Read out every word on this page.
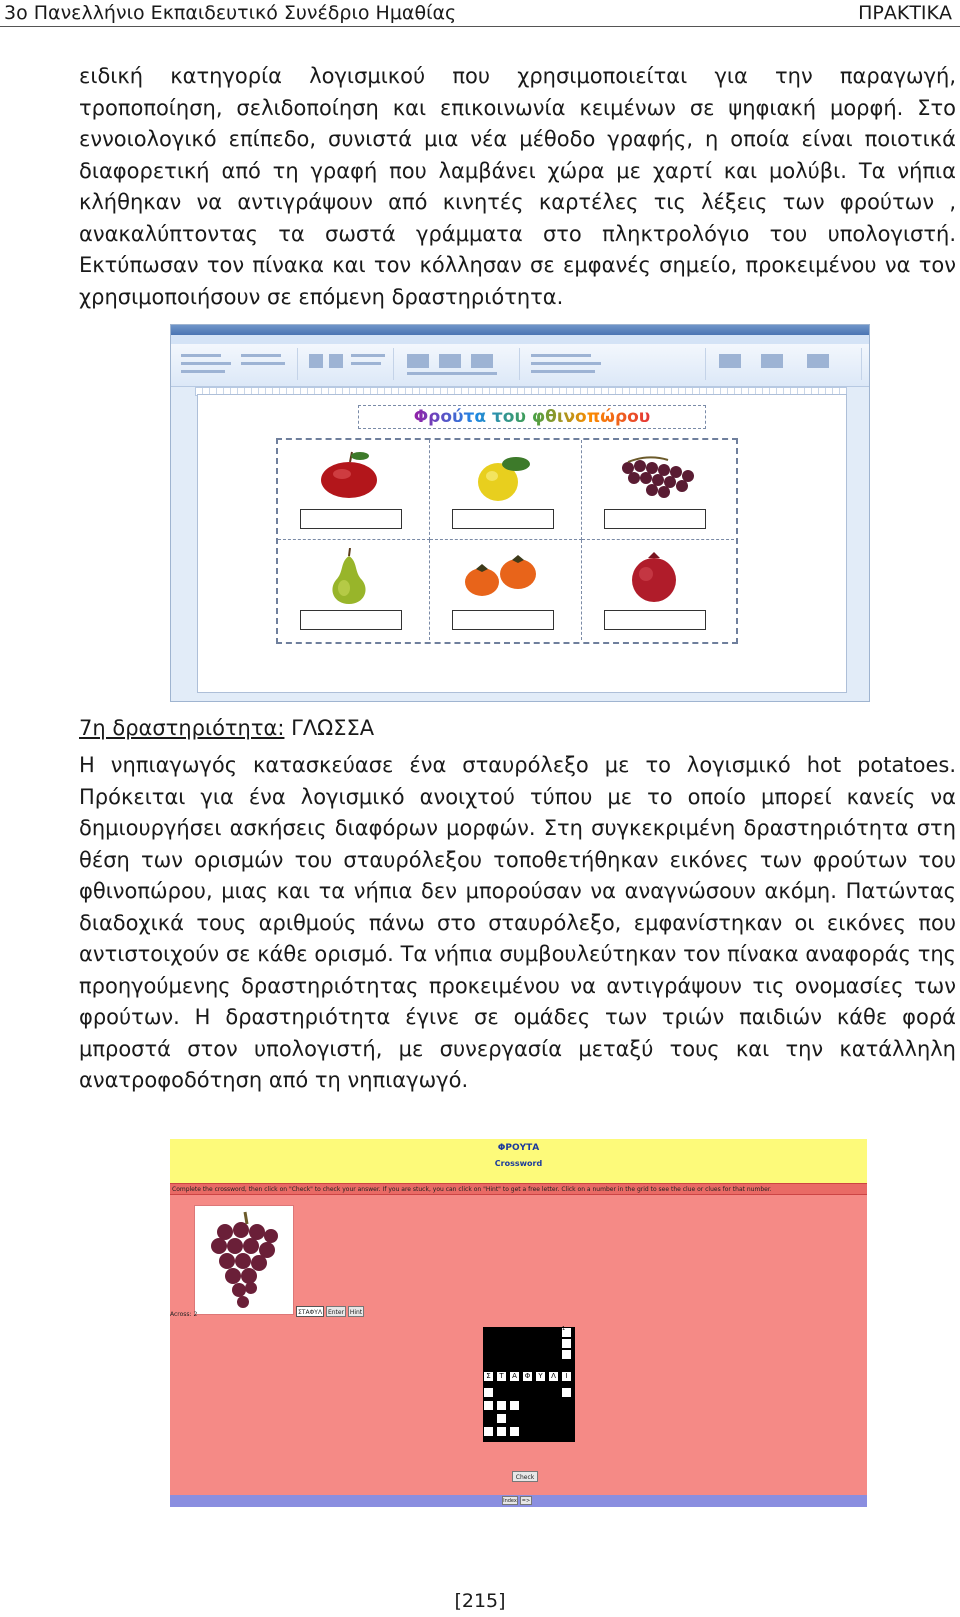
3ο Πανελλήνιο Εκπαιδευτικό Συνέδριο Ημαθίας	ΠΡΑΚΤΙΚΑ

ειδική κατηγορία λογισμικού που χρησιμοποιείται για την παραγωγή, τροποποίηση, σελιδοποίηση και επικοινωνία κειμένων σε ψηφιακή μορφή. Στο εννοιολογικό επίπεδο, συνιστά μια νέα μέθοδο γραφής, η οποία είναι ποιοτικά διαφορετική από τη γραφή που λαμβάνει χώρα με χαρτί και μολύβι. Τα νήπια κλήθηκαν να αντιγράψουν από κινητές καρτέλες τις λέξεις των φρούτων , ανακαλύπτοντας τα σωστά γράμματα στο πληκτρολόγιο του υπολογιστή. Εκτύπωσαν τον πίνακα και τον κόλλησαν σε εμφανές σημείο, προκειμένου να τον χρησιμοποιήσουν σε επόμενη δραστηριότητα.

Φρούτα του φθινοπώρου
7η δραστηριότητα: ΓΛΩΣΣΑ

Η νηπιαγωγός κατασκεύασε ένα σταυρόλεξο με το λογισμικό hot potatoes. Πρόκειται για ένα λογισμικό ανοιχτού τύπου με το οποίο μπορεί κανείς να δημιουργήσει ασκήσεις διαφόρων μορφών. Στη συγκεκριμένη δραστηριότητα στη θέση των ορισμών του σταυρόλεξου τοποθετήθηκαν εικόνες των φρούτων του φθινοπώρου, μιας και τα νήπια δεν μπορούσαν να αναγνώσουν ακόμη. Πατώντας διαδοχικά τους αριθμούς πάνω στο σταυρόλεξο, εμφανίστηκαν οι εικόνες που αντιστοιχούν σε κάθε ορισμό. Τα νήπια συμβουλεύτηκαν τον πίνακα αναφοράς της προηγούμενης δραστηριότητας προκειμένου να αντιγράψουν τις ονομασίες των φρούτων. Η δραστηριότητα έγινε σε ομάδες των τριών παιδιών κάθε φορά μπροστά στον υπολογιστή, με συνεργασία μεταξύ τους και την κατάλληλη ανατροφοδότηση από τη νηπιαγωγό.

ΦΡΟΥΤΑ
Crossword
Complete the crossword, then click on "Check" to check your answer. If you are stuck, you can click on "Hint" to get a free letter. Click on a number in the grid to see the clue or clues for that number.
Across: 2	ΣΤΑΦΥΛ Enter Hint
1
Σ	Τ	Α	Φ	Υ	Λ	Ι
2
4
5
3
Check
Index =>
[215]
